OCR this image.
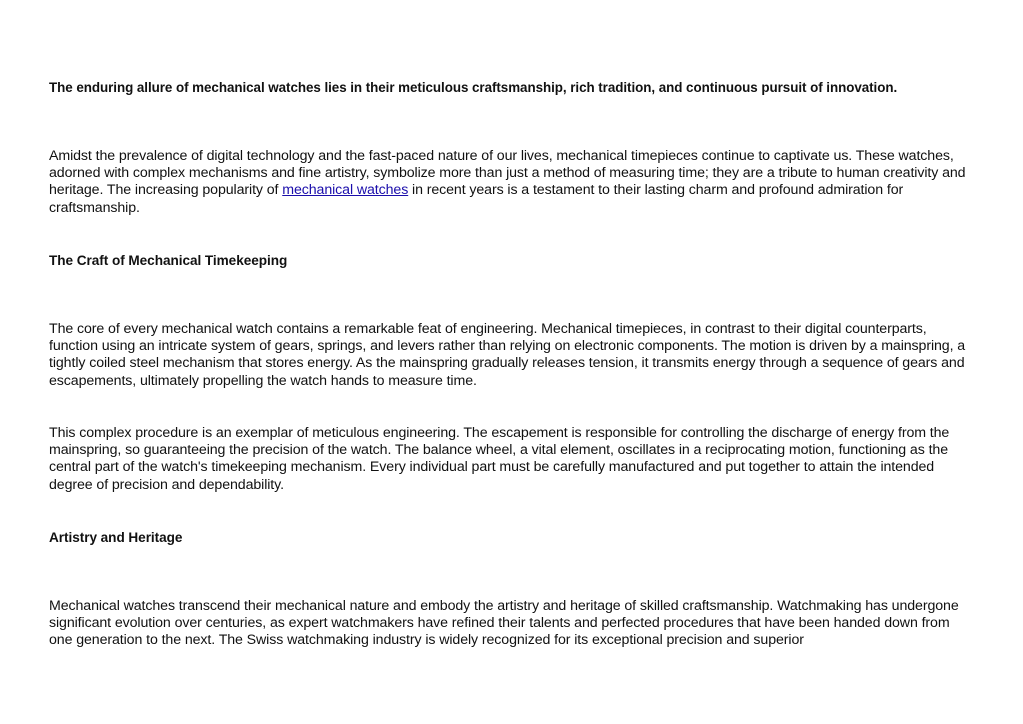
The enduring allure of mechanical watches lies in their meticulous craftsmanship, rich tradition, and continuous pursuit of innovation.

Amidst the prevalence of digital technology and the fast-paced nature of our lives, mechanical timepieces continue to captivate us. These watches, adorned with complex mechanisms and fine artistry, symbolize more than just a method of measuring time; they are a tribute to human creativity and heritage. The increasing popularity of mechanical watches in recent years is a testament to their lasting charm and profound admiration for craftsmanship.

The Craft of Mechanical Timekeeping

The core of every mechanical watch contains a remarkable feat of engineering. Mechanical timepieces, in contrast to their digital counterparts, function using an intricate system of gears, springs, and levers rather than relying on electronic components. The motion is driven by a mainspring, a tightly coiled steel mechanism that stores energy. As the mainspring gradually releases tension, it transmits energy through a sequence of gears and escapements, ultimately propelling the watch hands to measure time.

This complex procedure is an exemplar of meticulous engineering. The escapement is responsible for controlling the discharge of energy from the mainspring, so guaranteeing the precision of the watch. The balance wheel, a vital element, oscillates in a reciprocating motion, functioning as the central part of the watch's timekeeping mechanism. Every individual part must be carefully manufactured and put together to attain the intended degree of precision and dependability.

Artistry and Heritage

Mechanical watches transcend their mechanical nature and embody the artistry and heritage of skilled craftsmanship. Watchmaking has undergone significant evolution over centuries, as expert watchmakers have refined their talents and perfected procedures that have been handed down from one generation to the next. The Swiss watchmaking industry is widely recognized for its exceptional precision and superior
